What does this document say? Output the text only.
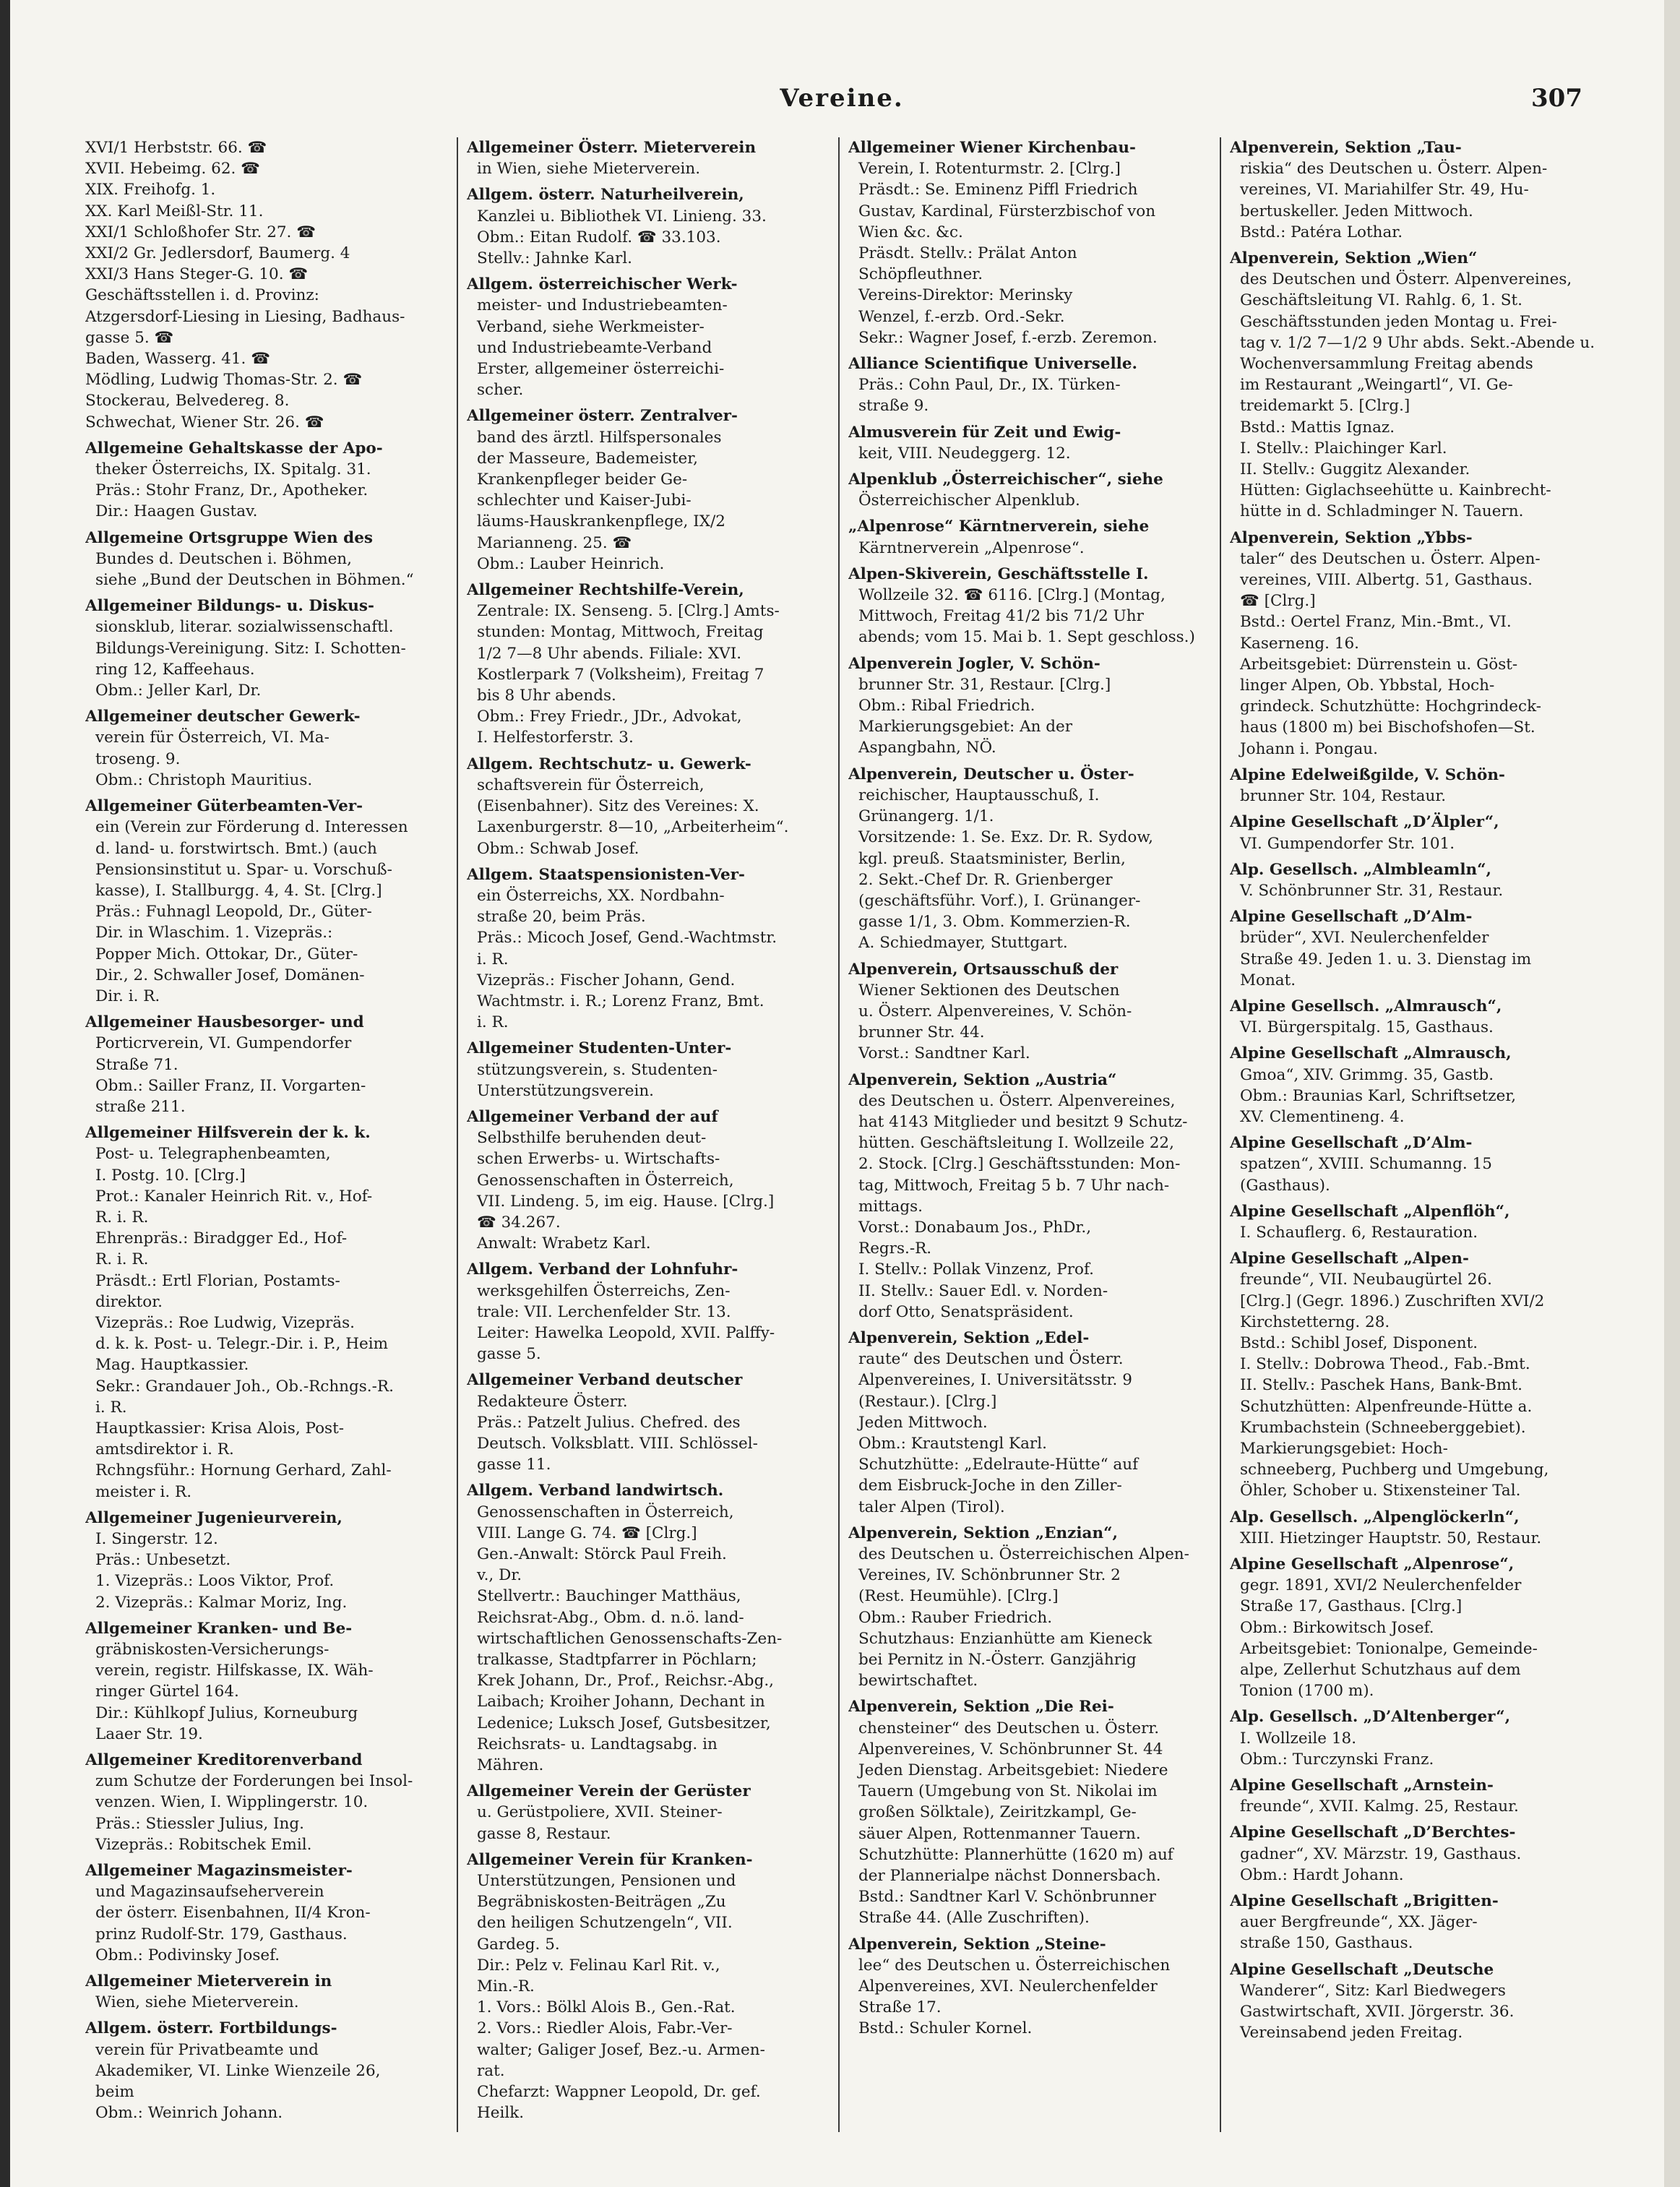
Vereine.	307
XVI/1 Herbststr. 66. ☎
XVII. Hebeimg. 62. ☎
XIX. Freihofg. 1.
XX. Karl Meißl-Str. 11.
XXI/1 Schloßhofer Str. 27. ☎
XXI/2 Gr. Jedlersdorf, Baumerg. 4
XXI/3 Hans Steger-G. 10. ☎
Geschäftsstellen i. d. Provinz:
Atzgersdorf-Liesing in Liesing, Badhaus-
gasse 5. ☎
Baden, Wasserg. 41. ☎
Mödling, Ludwig Thomas-Str. 2. ☎
Stockerau, Belvedereg. 8.
Schwechat, Wiener Str. 26. ☎
Allgemeine Gehaltskasse der Apo-
theker Österreichs, IX. Spitalg. 31.
Präs.: Stohr Franz, Dr., Apotheker.
Dir.: Haagen Gustav.
Allgemeine Ortsgruppe Wien des
Bundes d. Deutschen i. Böhmen,
siehe „Bund der Deutschen in Böhmen.“
Allgemeiner Bildungs- u. Diskus-
sionsklub, literar. sozialwissenschaftl.
Bildungs-Vereinigung. Sitz: I. Schotten-
ring 12, Kaffeehaus.
Obm.: Jeller Karl, Dr.
Allgemeiner deutscher Gewerk-
verein für Österreich, VI. Ma-
troseng. 9.
Obm.: Christoph Mauritius.
Allgemeiner Güterbeamten-Ver-
ein (Verein zur Förderung d. Interessen
d. land- u. forstwirtsch. Bmt.) (auch
Pensionsinstitut u. Spar- u. Vorschuß-
kasse), I. Stallburgg. 4, 4. St. [Clrg.]
Präs.: Fuhnagl Leopold, Dr., Güter-
Dir. in Wlaschim. 1. Vizepräs.:
Popper Mich. Ottokar, Dr., Güter-
Dir., 2. Schwaller Josef, Domänen-
Dir. i. R.
Allgemeiner Hausbesorger- und
Porticrverein, VI. Gumpendorfer
Straße 71.
Obm.: Sailler Franz, II. Vorgarten-
straße 211.
Allgemeiner Hilfsverein der k. k.
Post- u. Telegraphenbeamten,
I. Postg. 10. [Clrg.]
Prot.: Kanaler Heinrich Rit. v., Hof-
R. i. R.
Ehrenpräs.: Biradgger Ed., Hof-
R. i. R.
Präsdt.: Ertl Florian, Postamts-
direktor.
Vizepräs.: Roe Ludwig, Vizepräs.
d. k. k. Post- u. Telegr.-Dir. i. P., Heim
Mag. Hauptkassier.
Sekr.: Grandauer Joh., Ob.-Rchngs.-R.
i. R.
Hauptkassier: Krisa Alois, Post-
amtsdirektor i. R.
Rchngsführ.: Hornung Gerhard, Zahl-
meister i. R.
Allgemeiner Jugenieurverein,
I. Singerstr. 12.
Präs.: Unbesetzt.
1. Vizepräs.: Loos Viktor, Prof.
2. Vizepräs.: Kalmar Moriz, Ing.
Allgemeiner Kranken- und Be-
gräbniskosten-Versicherungs-
verein, registr. Hilfskasse, IX. Wäh-
ringer Gürtel 164.
Dir.: Kühlkopf Julius, Korneuburg
Laaer Str. 19.
Allgemeiner Kreditorenverband
zum Schutze der Forderungen bei Insol-
venzen. Wien, I. Wipplingerstr. 10.
Präs.: Stiessler Julius, Ing.
Vizepräs.: Robitschek Emil.
Allgemeiner Magazinsmeister-
und Magazinsaufseherverein
der österr. Eisenbahnen, II/4 Kron-
prinz Rudolf-Str. 179, Gasthaus.
Obm.: Podivinsky Josef.
Allgemeiner Mieterverein in
Wien, siehe Mieterverein.
Allgem. österr. Fortbildungs-
verein für Privatbeamte und
Akademiker, VI. Linke Wienzeile 26,
beim
Obm.: Weinrich Johann.
Allgemeiner Österr. Mieterverein
in Wien, siehe Mieterverein.
Allgem. österr. Naturheilverein,
Kanzlei u. Bibliothek VI. Linieng. 33.
Obm.: Eitan Rudolf. ☎ 33.103.
Stellv.: Jahnke Karl.
Allgem. österreichischer Werk-
meister- und Industriebeamten-
Verband, siehe Werkmeister-
und Industriebeamte-Verband
Erster, allgemeiner österreichi-
scher.
Allgemeiner österr. Zentralver-
band des ärztl. Hilfspersonales
der Masseure, Bademeister,
Krankenpfleger beider Ge-
schlechter und Kaiser-Jubi-
läums-Hauskrankenpflege, IX/2
Marianneng. 25. ☎
Obm.: Lauber Heinrich.
Allgemeiner Rechtshilfe-Verein,
Zentrale: IX. Senseng. 5. [Clrg.] Amts-
stunden: Montag, Mittwoch, Freitag
1/2 7—8 Uhr abends. Filiale: XVI.
Kostlerpark 7 (Volksheim), Freitag 7
bis 8 Uhr abends.
Obm.: Frey Friedr., JDr., Advokat,
I. Helfestorferstr. 3.
Allgem. Rechtschutz- u. Gewerk-
schaftsverein für Österreich,
(Eisenbahner). Sitz des Vereines: X.
Laxenburgerstr. 8—10, „Arbeiterheim“.
Obm.: Schwab Josef.
Allgem. Staatspensionisten-Ver-
ein Österreichs, XX. Nordbahn-
straße 20, beim Präs.
Präs.: Micoch Josef, Gend.-Wachtmstr.
i. R.
Vizepräs.: Fischer Johann, Gend.
Wachtmstr. i. R.; Lorenz Franz, Bmt.
i. R.
Allgemeiner Studenten-Unter-
stützungsverein, s. Studenten-
Unterstützungsverein.
Allgemeiner Verband der auf
Selbsthilfe beruhenden deut-
schen Erwerbs- u. Wirtschafts-
Genossenschaften in Österreich,
VII. Lindeng. 5, im eig. Hause. [Clrg.]
☎ 34.267.
Anwalt: Wrabetz Karl.
Allgem. Verband der Lohnfuhr-
werksgehilfen Österreichs, Zen-
trale: VII. Lerchenfelder Str. 13.
Leiter: Hawelka Leopold, XVII. Palffy-
gasse 5.
Allgemeiner Verband deutscher
Redakteure Österr.
Präs.: Patzelt Julius. Chefred. des
Deutsch. Volksblatt. VIII. Schlössel-
gasse 11.
Allgem. Verband landwirtsch.
Genossenschaften in Österreich,
VIII. Lange G. 74. ☎ [Clrg.]
Gen.-Anwalt: Störck Paul Freih.
v., Dr.
Stellvertr.: Bauchinger Matthäus,
Reichsrat-Abg., Obm. d. n.ö. land-
wirtschaftlichen Genossenschafts-Zen-
tralkasse, Stadtpfarrer in Pöchlarn;
Krek Johann, Dr., Prof., Reichsr.-Abg.,
Laibach; Kroiher Johann, Dechant in
Ledenice; Luksch Josef, Gutsbesitzer,
Reichsrats- u. Landtagsabg. in
Mähren.
Allgemeiner Verein der Gerüster
u. Gerüstpoliere, XVII. Steiner-
gasse 8, Restaur.
Allgemeiner Verein für Kranken-
Unterstützungen, Pensionen und
Begräbniskosten-Beiträgen „Zu
den heiligen Schutzengeln“, VII.
Gardeg. 5.
Dir.: Pelz v. Felinau Karl Rit. v.,
Min.-R.
1. Vors.: Bölkl Alois B., Gen.-Rat.
2. Vors.: Riedler Alois, Fabr.-Ver-
walter; Galiger Josef, Bez.-u. Armen-
rat.
Chefarzt: Wappner Leopold, Dr. gef.
Heilk.
Allgemeiner Wiener Kirchenbau-
Verein, I. Rotenturmstr. 2. [Clrg.]
Präsdt.: Se. Eminenz Piffl Friedrich
Gustav, Kardinal, Fürsterzbischof von
Wien &c. &c.
Präsdt. Stellv.: Prälat Anton
Schöpfleuthner.
Vereins-Direktor: Merinsky
Wenzel, f.-erzb. Ord.-Sekr.
Sekr.: Wagner Josef, f.-erzb. Zeremon.
Alliance Scientifique Universelle.
Präs.: Cohn Paul, Dr., IX. Türken-
straße 9.
Almusverein für Zeit und Ewig-
keit, VIII. Neudeggerg. 12.
Alpenklub „Österreichischer“, siehe
Österreichischer Alpenklub.
„Alpenrose“ Kärntnerverein, siehe
Kärntnerverein „Alpenrose“.
Alpen-Skiverein, Geschäftsstelle I.
Wollzeile 32. ☎ 6116. [Clrg.] (Montag,
Mittwoch, Freitag 41/2 bis 71/2 Uhr
abends; vom 15. Mai b. 1. Sept geschloss.)
Alpenverein Jogler, V. Schön-
brunner Str. 31, Restaur. [Clrg.]
Obm.: Ribal Friedrich.
Markierungsgebiet: An der
Aspangbahn, NÖ.
Alpenverein, Deutscher u. Öster-
reichischer, Hauptausschuß, I.
Grünangerg. 1/1.
Vorsitzende: 1. Se. Exz. Dr. R. Sydow,
kgl. preuß. Staatsminister, Berlin,
2. Sekt.-Chef Dr. R. Grienberger
(geschäftsführ. Vorf.), I. Grünanger-
gasse 1/1, 3. Obm. Kommerzien-R.
A. Schiedmayer, Stuttgart.
Alpenverein, Ortsausschuß der
Wiener Sektionen des Deutschen
u. Österr. Alpenvereines, V. Schön-
brunner Str. 44.
Vorst.: Sandtner Karl.
Alpenverein, Sektion „Austria“
des Deutschen u. Österr. Alpenvereines,
hat 4143 Mitglieder und besitzt 9 Schutz-
hütten. Geschäftsleitung I. Wollzeile 22,
2. Stock. [Clrg.] Geschäftsstunden: Mon-
tag, Mittwoch, Freitag 5 b. 7 Uhr nach-
mittags.
Vorst.: Donabaum Jos., PhDr.,
Regrs.-R.
I. Stellv.: Pollak Vinzenz, Prof.
II. Stellv.: Sauer Edl. v. Norden-
dorf Otto, Senatspräsident.
Alpenverein, Sektion „Edel-
raute“ des Deutschen und Österr.
Alpenvereines, I. Universitätsstr. 9
(Restaur.). [Clrg.]
Jeden Mittwoch.
Obm.: Krautstengl Karl.
Schutzhütte: „Edelraute-Hütte“ auf
dem Eisbruck-Joche in den Ziller-
taler Alpen (Tirol).
Alpenverein, Sektion „Enzian“,
des Deutschen u. Österreichischen Alpen-
Vereines, IV. Schönbrunner Str. 2
(Rest. Heumühle). [Clrg.]
Obm.: Rauber Friedrich.
Schutzhaus: Enzianhütte am Kieneck
bei Pernitz in N.-Österr. Ganzjährig
bewirtschaftet.
Alpenverein, Sektion „Die Rei-
chensteiner“ des Deutschen u. Österr.
Alpenvereines, V. Schönbrunner St. 44
Jeden Dienstag. Arbeitsgebiet: Niedere
Tauern (Umgebung von St. Nikolai im
großen Sölktale), Zeiritzkampl, Ge-
säuer Alpen, Rottenmanner Tauern.
Schutzhütte: Plannerhütte (1620 m) auf
der Plannerialpe nächst Donnersbach.
Bstd.: Sandtner Karl V. Schönbrunner
Straße 44. (Alle Zuschriften).
Alpenverein, Sektion „Steine-
lee“ des Deutschen u. Österreichischen
Alpenvereines, XVI. Neulerchenfelder
Straße 17.
Bstd.: Schuler Kornel.
Alpenverein, Sektion „Tau-
riskia“ des Deutschen u. Österr. Alpen-
vereines, VI. Mariahilfer Str. 49, Hu-
bertuskeller. Jeden Mittwoch.
Bstd.: Patéra Lothar.
Alpenverein, Sektion „Wien“
des Deutschen und Österr. Alpenvereines,
Geschäftsleitung VI. Rahlg. 6, 1. St.
Geschäftsstunden jeden Montag u. Frei-
tag v. 1/2 7—1/2 9 Uhr abds. Sekt.-Abende u.
Wochenversammlung Freitag abends
im Restaurant „Weingartl“, VI. Ge-
treidemarkt 5. [Clrg.]
Bstd.: Mattis Ignaz.
I. Stellv.: Plaichinger Karl.
II. Stellv.: Guggitz Alexander.
Hütten: Giglachseehütte u. Kainbrecht-
hütte in d. Schladminger N. Tauern.
Alpenverein, Sektion „Ybbs-
taler“ des Deutschen u. Österr. Alpen-
vereines, VIII. Albertg. 51, Gasthaus.
☎ [Clrg.]
Bstd.: Oertel Franz, Min.-Bmt., VI.
Kaserneng. 16.
Arbeitsgebiet: Dürrenstein u. Göst-
linger Alpen, Ob. Ybbstal, Hoch-
grindeck. Schutzhütte: Hochgrindeck-
haus (1800 m) bei Bischofshofen—St.
Johann i. Pongau.
Alpine Edelweißgilde, V. Schön-
brunner Str. 104, Restaur.
Alpine Gesellschaft „D’Älpler“,
VI. Gumpendorfer Str. 101.
Alp. Gesellsch. „Almbleamln“,
V. Schönbrunner Str. 31, Restaur.
Alpine Gesellschaft „D’Alm-
brüder“, XVI. Neulerchenfelder
Straße 49. Jeden 1. u. 3. Dienstag im
Monat.
Alpine Gesellsch. „Almrausch“,
VI. Bürgerspitalg. 15, Gasthaus.
Alpine Gesellschaft „Almrausch,
Gmoa“, XIV. Grimmg. 35, Gastb.
Obm.: Braunias Karl, Schriftsetzer,
XV. Clementineng. 4.
Alpine Gesellschaft „D’Alm-
spatzen“, XVIII. Schumanng. 15
(Gasthaus).
Alpine Gesellschaft „Alpenflöh“,
I. Schauflerg. 6, Restauration.
Alpine Gesellschaft „Alpen-
freunde“, VII. Neubaugürtel 26.
[Clrg.] (Gegr. 1896.) Zuschriften XVI/2
Kirchstetterng. 28.
Bstd.: Schibl Josef, Disponent.
I. Stellv.: Dobrowa Theod., Fab.-Bmt.
II. Stellv.: Paschek Hans, Bank-Bmt.
Schutzhütten: Alpenfreunde-Hütte a.
Krumbachstein (Schneeberggebiet).
Markierungsgebiet: Hoch-
schneeberg, Puchberg und Umgebung,
Öhler, Schober u. Stixensteiner Tal.
Alp. Gesellsch. „Alpenglöckerln“,
XIII. Hietzinger Hauptstr. 50, Restaur.
Alpine Gesellschaft „Alpenrose“,
gegr. 1891, XVI/2 Neulerchenfelder
Straße 17, Gasthaus. [Clrg.]
Obm.: Birkowitsch Josef.
Arbeitsgebiet: Tonionalpe, Gemeinde-
alpe, Zellerhut Schutzhaus auf dem
Tonion (1700 m).
Alp. Gesellsch. „D’Altenberger“,
I. Wollzeile 18.
Obm.: Turczynski Franz.
Alpine Gesellschaft „Arnstein-
freunde“, XVII. Kalmg. 25, Restaur.
Alpine Gesellschaft „D’Berchtes-
gadner“, XV. Märzstr. 19, Gasthaus.
Obm.: Hardt Johann.
Alpine Gesellschaft „Brigitten-
auer Bergfreunde“, XX. Jäger-
straße 150, Gasthaus.
Alpine Gesellschaft „Deutsche
Wanderer“, Sitz: Karl Biedwegers
Gastwirtschaft, XVII. Jörgerstr. 36.
Vereinsabend jeden Freitag.
